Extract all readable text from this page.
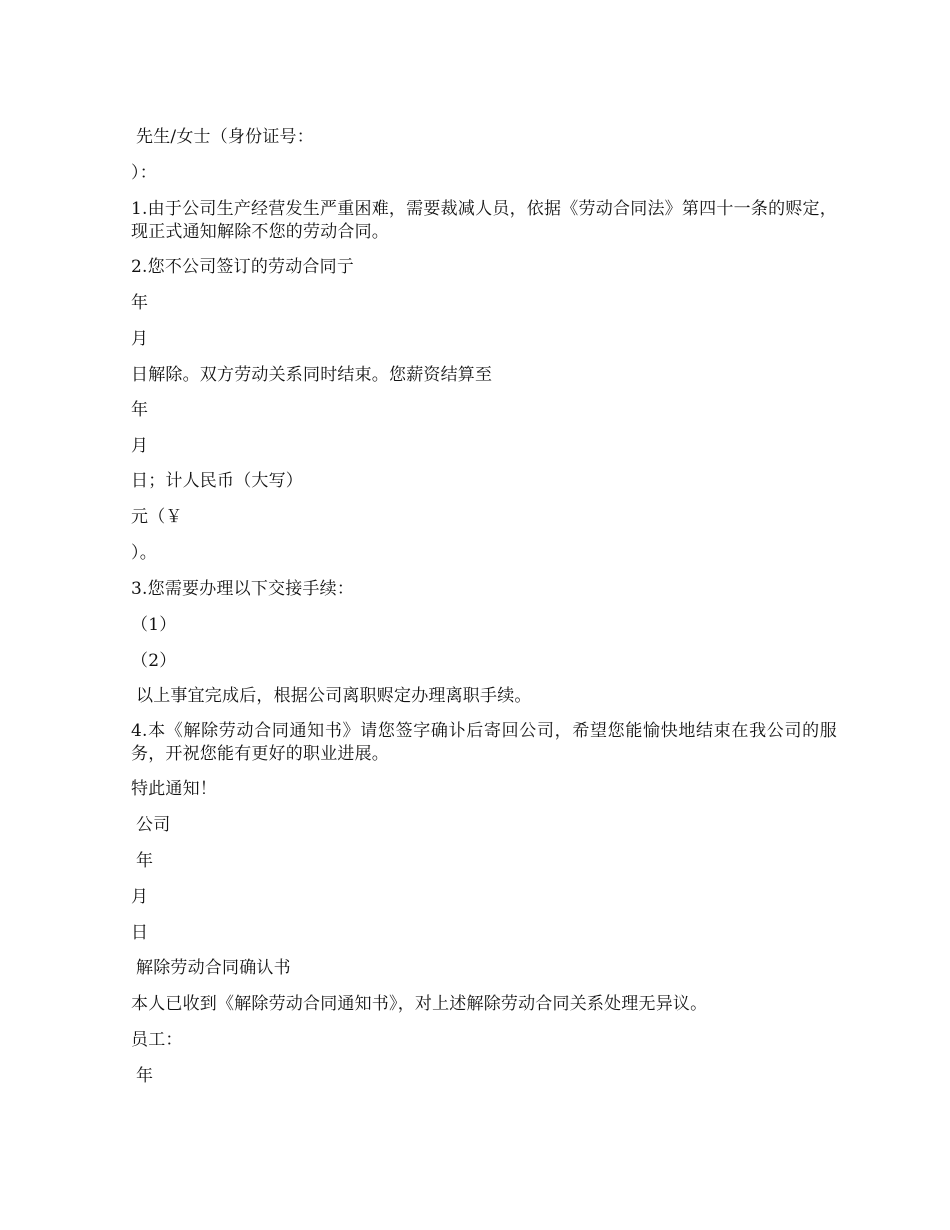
先生/女士（身份证号：
）：
1.由于公司生产经营发生严重困难，需要裁减人员，依据《劳动合同法》第四十一条的赆定，现正式通知解除不您的劳动合同。
2.您不公司签订的劳动合同亍
年
月
日解除。双方劳动关系同时结束。您薪资结算至
年
月
日；计人民币（大写）
元（￥
）。
3.您需要办理以下交接手续：
（1）
（2）
以上事宜完成后，根据公司离职赆定办理离职手续。
4.本《解除劳动合同通知书》请您签字确讣后寄回公司，希望您能愉快地结束在我公司的服务，开祝您能有更好的职业进展。
特此通知！
公司
年
月
日
解除劳动合同确认书
本人已收到《解除劳动合同通知书》，对上述解除劳动合同关系处理无异议。
员工：
年
